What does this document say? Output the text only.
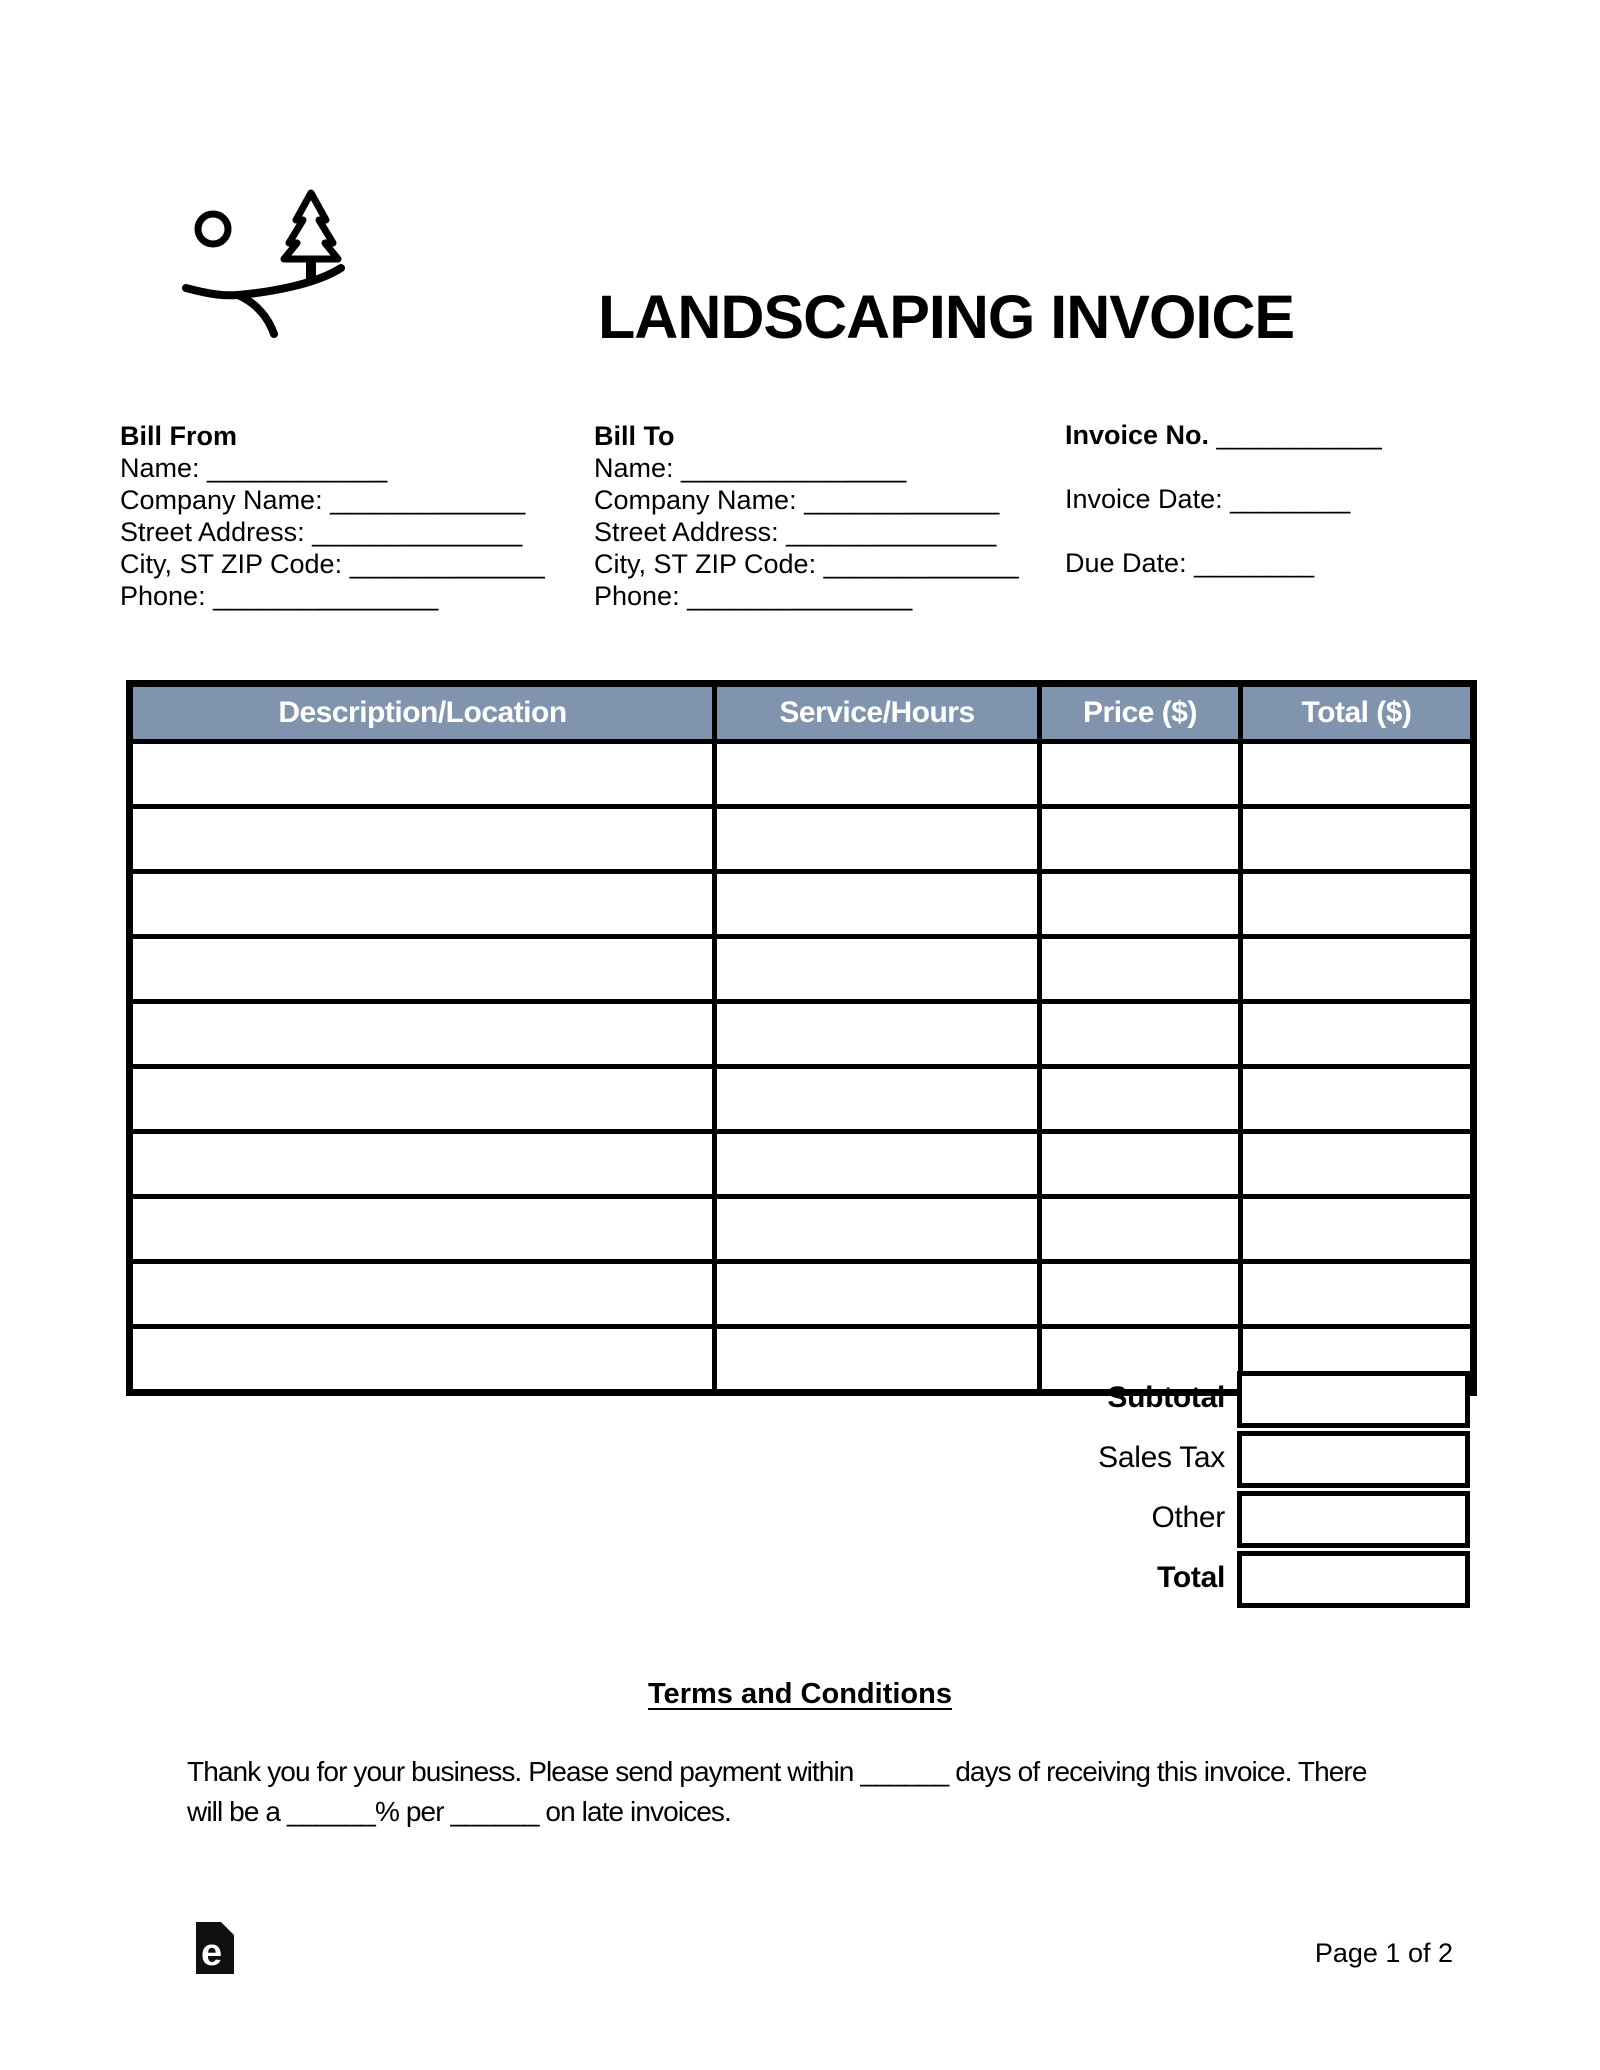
LANDSCAPING INVOICE
Bill From
Name: ____________
Company Name: _____________
Street Address: ______________
City, ST ZIP Code: _____________
Phone: _______________
Bill To
Name: _______________
Company Name: _____________
Street Address: ______________
City, ST ZIP Code: _____________
Phone: _______________
Invoice No. ___________
Invoice Date: ________
Due Date: ________
Description/Location	Service/Hours	Price ($)	Total ($)

Subtotal
Sales Tax
Other
Total
Terms and Conditions
Thank you for your business. Please send payment within ______ days of receiving this invoice. There
will be a ______% per ______ on late invoices.
e	Page 1 of 2
